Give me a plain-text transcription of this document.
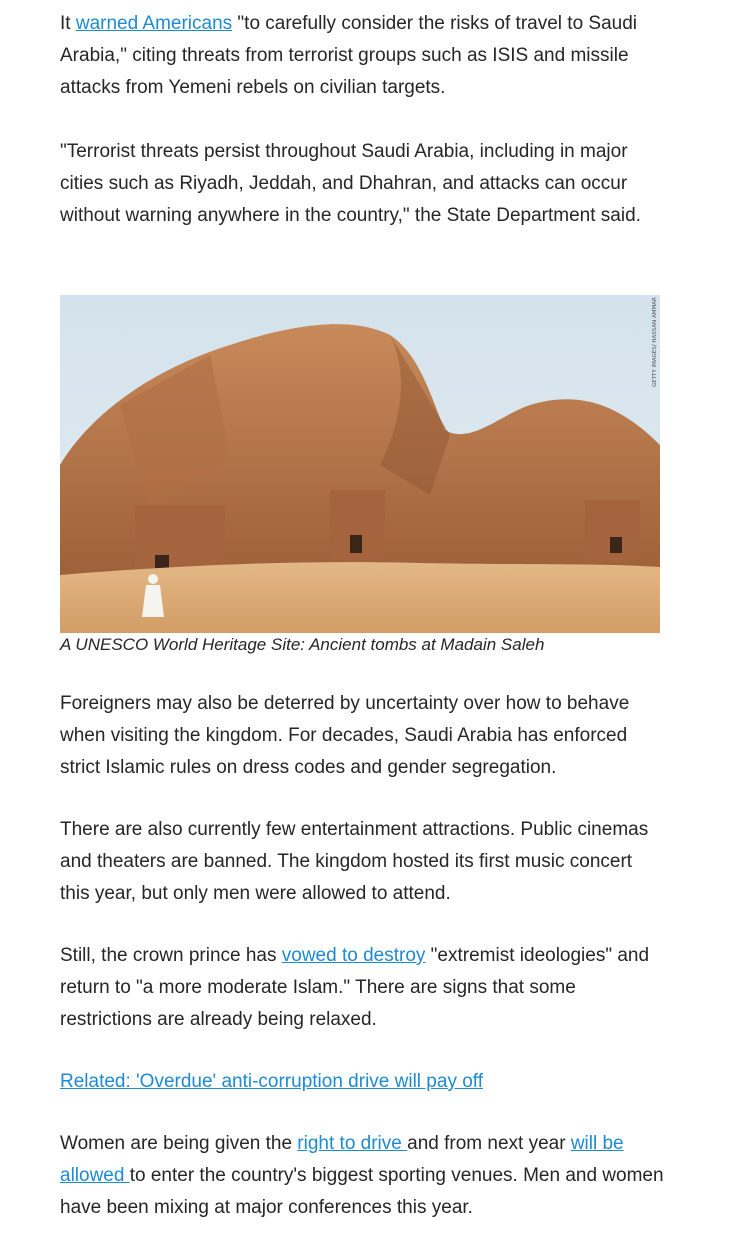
It warned Americans "to carefully consider the risks of travel to Saudi Arabia," citing threats from terrorist groups such as ISIS and missile attacks from Yemeni rebels on civilian targets.

"Terrorist threats persist throughout Saudi Arabia, including in major cities such as Riyadh, Jeddah, and Dhahran, and attacks can occur without warning anywhere in the country," the State Department said.

GETTY IMAGES/ HASSAN AMMAR
A UNESCO World Heritage Site: Ancient tombs at Madain Saleh

Foreigners may also be deterred by uncertainty over how to behave when visiting the kingdom. For decades, Saudi Arabia has enforced strict Islamic rules on dress codes and gender segregation.

There are also currently few entertainment attractions. Public cinemas and theaters are banned. The kingdom hosted its first music concert this year, but only men were allowed to attend.

Still, the crown prince has vowed to destroy "extremist ideologies" and return to "a more moderate Islam." There are signs that some restrictions are already being relaxed.

Related: 'Overdue' anti-corruption drive will pay off

Women are being given the right to drive and from next year will be allowed to enter the country's biggest sporting venues. Men and women have been mixing at major conferences this year.
